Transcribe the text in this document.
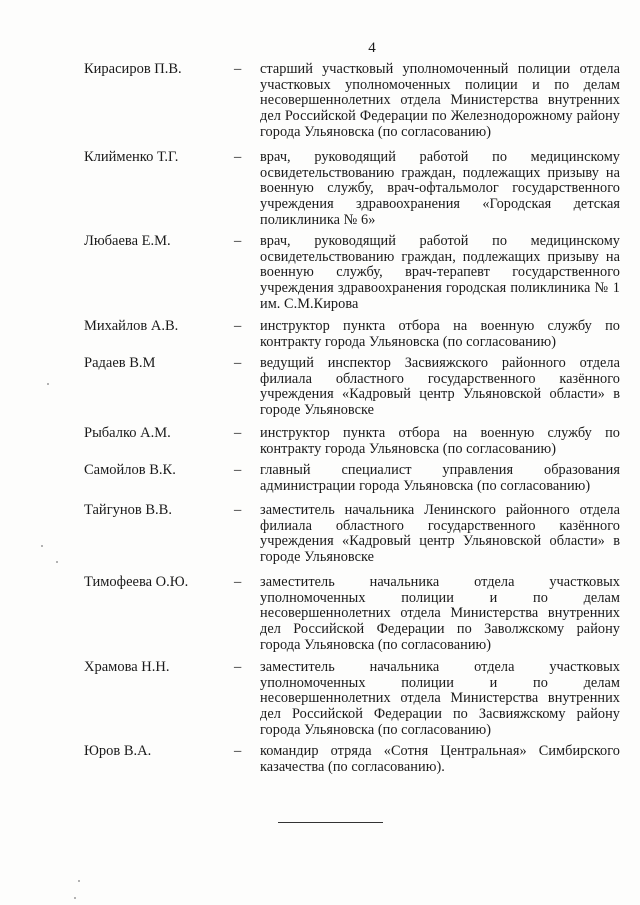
4
Кирасиров П.В.	–	старший участковый уполномоченный полиции отдела участковых уполномоченных полиции и по делам несовершеннолетних отдела Министерства внутренних дел Российской Федерации по Железнодорожному району города Ульяновска (по согласованию)
Клийменко Т.Г.	–	врач, руководящий работой по медицинскому освидетельствованию граждан, подлежащих призыву на военную службу, врач-офтальмолог государственного учреждения здравоохранения «Городская детская поликлиника № 6»
Любаева Е.М.	–	врач, руководящий работой по медицинскому освидетельствованию граждан, подлежащих призыву на военную службу, врач-терапевт государственного учреждения здравоохранения городская поликлиника № 1 им. С.М.Кирова
Михайлов А.В.	–	инструктор пункта отбора на военную службу по контракту города Ульяновска (по согласованию)
Радаев В.М	–	ведущий инспектор Засвияжского районного отдела филиала областного государственного казённого учреждения «Кадровый центр Ульяновской области» в городе Ульяновске
Рыбалко А.М.	–	инструктор пункта отбора на военную службу по контракту города Ульяновска (по согласованию)
Самойлов В.К.	–	главный специалист управления образования администрации города Ульяновска (по согласованию)
Тайгунов В.В.	–	заместитель начальника Ленинского районного отдела филиала областного государственного казённого учреждения «Кадровый центр Ульяновской области» в городе Ульяновске
Тимофеева О.Ю.	–	заместитель начальника отдела участковых уполномоченных полиции и по делам несовершеннолетних отдела Министерства внутренних дел Российской Федерации по Заволжскому району города Ульяновска (по согласованию)
Храмова Н.Н.	–	заместитель начальника отдела участковых уполномоченных полиции и по делам несовершеннолетних отдела Министерства внутренних дел Российской Федерации по Засвияжскому району города Ульяновска (по согласованию)
Юров В.А.	–	командир отряда «Сотня Центральная» Симбирского казачества (по согласованию).
